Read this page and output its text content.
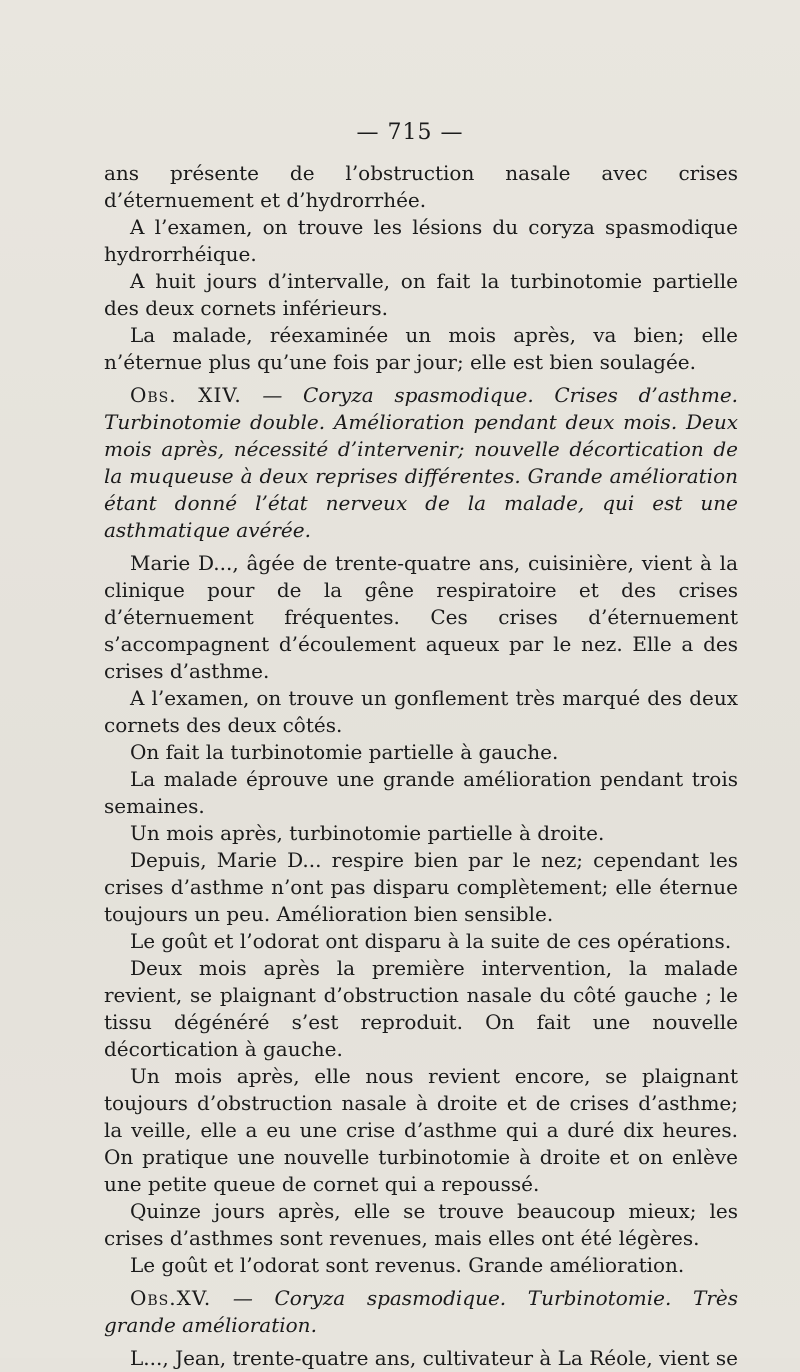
— 715 —

ans présente de l’obstruction nasale avec crises d’éternuement et d’hydrorrhée.

A l’examen, on trouve les lésions du coryza spasmodique hydrorrhéique.

A huit jours d’intervalle, on fait la turbinotomie partielle des deux cornets inférieurs.

La malade, réexaminée un mois après, va bien; elle n’éternue plus qu’une fois par jour; elle est bien soulagée.

Obs. XIV. — Coryza spasmodique. Crises d’asthme. Turbinotomie double. Amélioration pendant deux mois. Deux mois après, nécessité d’intervenir; nouvelle décortication de la muqueuse à deux reprises différentes. Grande amélioration étant donné l’état nerveux de la malade, qui est une asthmatique avérée.

Marie D..., âgée de trente-quatre ans, cuisinière, vient à la clinique pour de la gêne respiratoire et des crises d’éternuement fréquentes. Ces crises d’éternuement s’accompagnent d’écoulement aqueux par le nez. Elle a des crises d’asthme.

A l’examen, on trouve un gonflement très marqué des deux cornets des deux côtés.

On fait la turbinotomie partielle à gauche.

La malade éprouve une grande amélioration pendant trois semaines.

Un mois après, turbinotomie partielle à droite.

Depuis, Marie D... respire bien par le nez; cependant les crises d’asthme n’ont pas disparu complètement; elle éternue toujours un peu. Amélioration bien sensible.

Le goût et l’odorat ont disparu à la suite de ces opérations.

Deux mois après la première intervention, la malade revient, se plaignant d’obstruction nasale du côté gauche ; le tissu dégénéré s’est reproduit. On fait une nouvelle décortication à gauche.

Un mois après, elle nous revient encore, se plaignant toujours d’obstruction nasale à droite et de crises d’asthme; la veille, elle a eu une crise d’asthme qui a duré dix heures. On pratique une nouvelle turbinotomie à droite et on enlève une petite queue de cornet qui a repoussé.

Quinze jours après, elle se trouve beaucoup mieux; les crises d’asthmes sont revenues, mais elles ont été légères.

Le goût et l’odorat sont revenus. Grande amélioration.

Obs.XV. — Coryza spasmodique. Turbinotomie. Très grande amélioration.

L..., Jean, trente-quatre ans, cultivateur à La Réole, vient se
